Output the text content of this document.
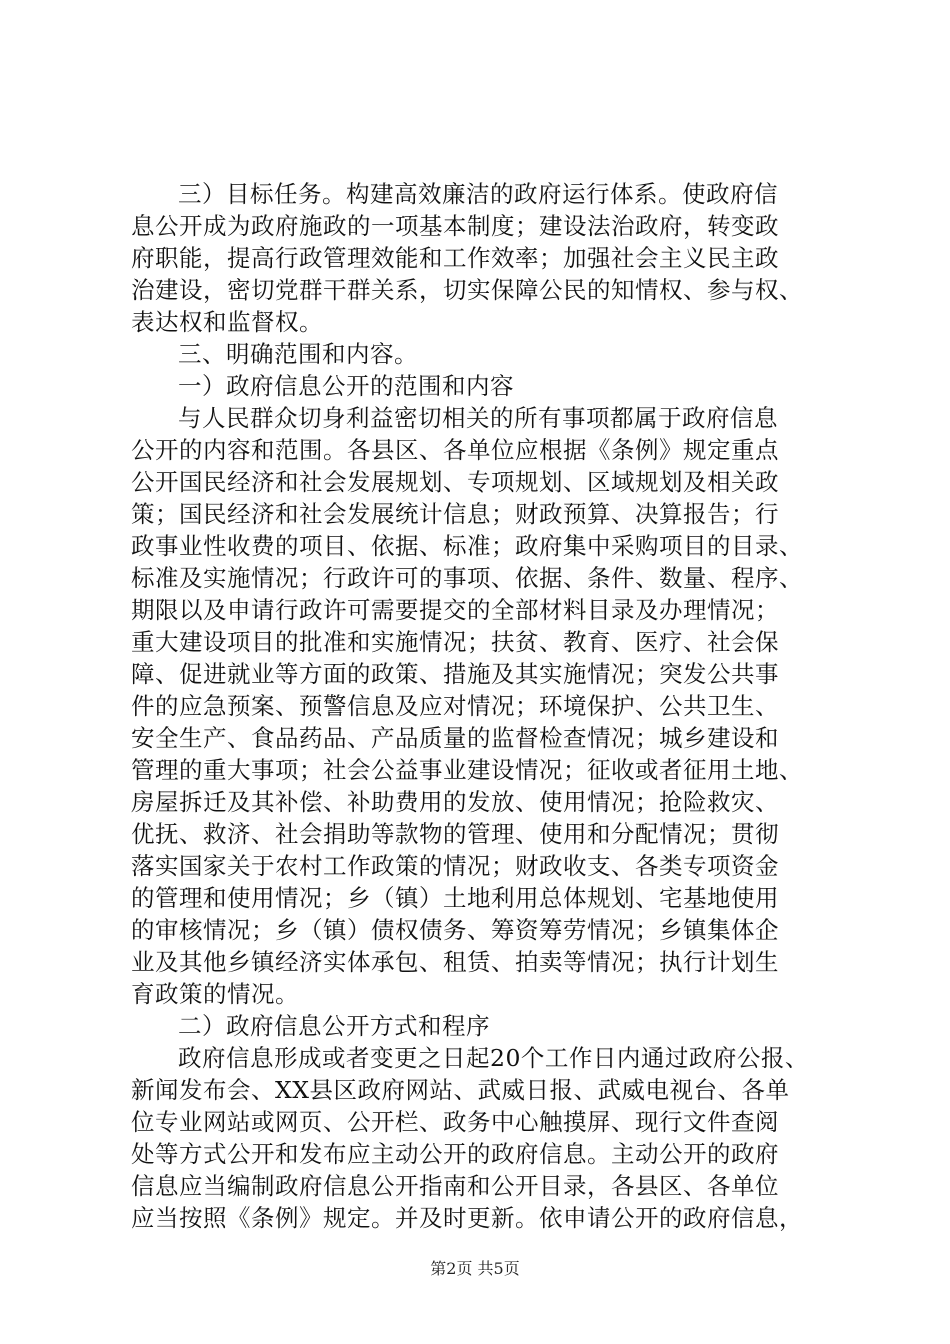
三）目标任务。构建高效廉洁的政府运行体系。使政府信
息公开成为政府施政的一项基本制度；建设法治政府，转变政
府职能，提高行政管理效能和工作效率；加强社会主义民主政
治建设，密切党群干群关系，切实保障公民的知情权、参与权、
表达权和监督权。
三、明确范围和内容。
一）政府信息公开的范围和内容
与人民群众切身利益密切相关的所有事项都属于政府信息
公开的内容和范围。各县区、各单位应根据《条例》规定重点
公开国民经济和社会发展规划、专项规划、区域规划及相关政
策；国民经济和社会发展统计信息；财政预算、决算报告；行
政事业性收费的项目、依据、标准；政府集中采购项目的目录、
标准及实施情况；行政许可的事项、依据、条件、数量、程序、
期限以及申请行政许可需要提交的全部材料目录及办理情况；
重大建设项目的批准和实施情况；扶贫、教育、医疗、社会保
障、促进就业等方面的政策、措施及其实施情况；突发公共事
件的应急预案、预警信息及应对情况；环境保护、公共卫生、
安全生产、食品药品、产品质量的监督检查情况；城乡建设和
管理的重大事项；社会公益事业建设情况；征收或者征用土地、
房屋拆迁及其补偿、补助费用的发放、使用情况；抢险救灾、
优抚、救济、社会捐助等款物的管理、使用和分配情况；贯彻
落实国家关于农村工作政策的情况；财政收支、各类专项资金
的管理和使用情况；乡（镇）土地利用总体规划、宅基地使用
的审核情况；乡（镇）债权债务、筹资筹劳情况；乡镇集体企
业及其他乡镇经济实体承包、租赁、拍卖等情况；执行计划生
育政策的情况。
二）政府信息公开方式和程序
政府信息形成或者变更之日起20个工作日内通过政府公报、
新闻发布会、XX县区政府网站、武威日报、武威电视台、各单
位专业网站或网页、公开栏、政务中心触摸屏、现行文件查阅
处等方式公开和发布应主动公开的政府信息。主动公开的政府
信息应当编制政府信息公开指南和公开目录，各县区、各单位
应当按照《条例》规定。并及时更新。依申请公开的政府信息，
第2页 共5页
